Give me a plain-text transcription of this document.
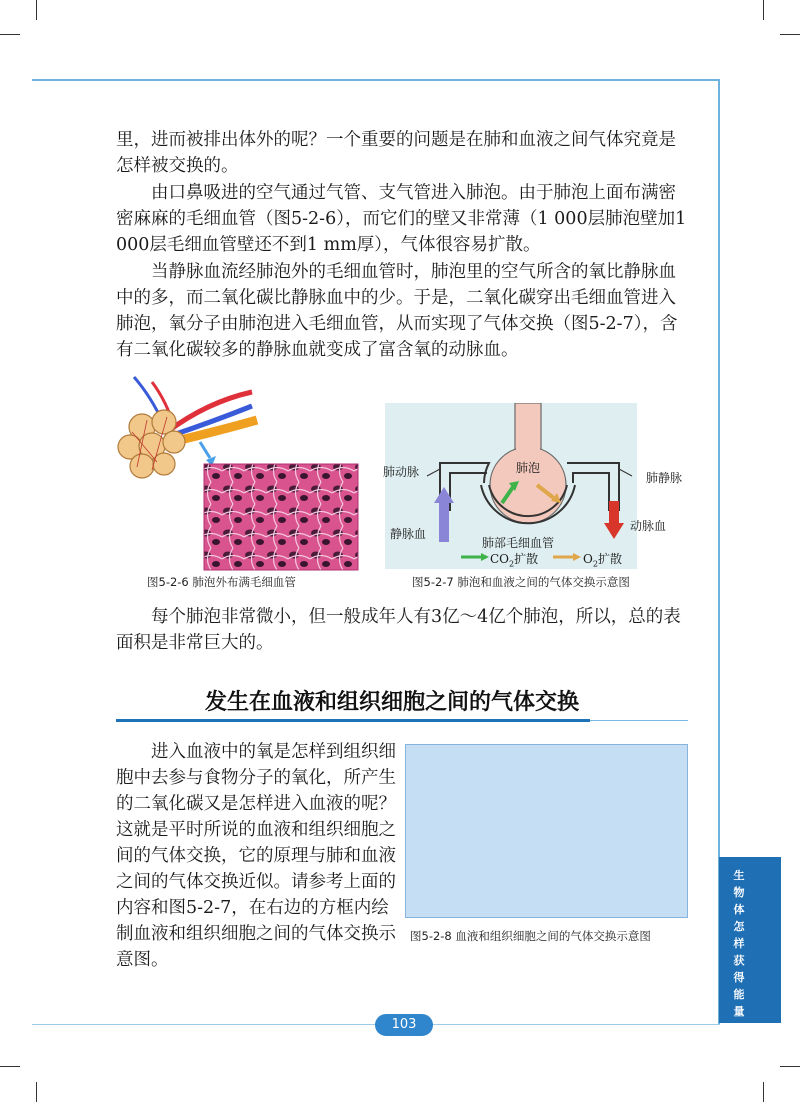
里，进而被排出体外的呢？一个重要的问题是在肺和血液之间气体究竟是怎样被交换的。

由口鼻吸进的空气通过气管、支气管进入肺泡。由于肺泡上面布满密密麻麻的毛细血管（图5-2-6），而它们的壁又非常薄（1 000层肺泡壁加1 000层毛细血管壁还不到1 mm厚），气体很容易扩散。

当静脉血流经肺泡外的毛细血管时，肺泡里的空气所含的氧比静脉血中的多，而二氧化碳比静脉血中的少。于是，二氧化碳穿出毛细血管进入肺泡，氧分子由肺泡进入毛细血管，从而实现了气体交换（图5-2-7），含有二氧化碳较多的静脉血就变成了富含氧的动脉血。

图5-2-6 肺泡外布满毛细血管
肺泡
肺动脉	肺静脉
静脉血
动脉血
肺部毛细血管
$CO_2$扩散	$O_2$扩散
图5-2-7 肺泡和血液之间的气体交换示意图

每个肺泡非常微小，但一般成年人有3亿～4亿个肺泡，所以，总的表面积是非常巨大的。

发生在血液和组织细胞之间的气体交换

进入血液中的氧是怎样到组织细胞中去参与食物分子的氧化，所产生的二氧化碳又是怎样进入血液的呢？这就是平时所说的血液和组织细胞之间的气体交换，它的原理与肺和血液之间的气体交换近似。请参考上面的内容和图5-2-7，在右边的方框内绘制血液和组织细胞之间的气体交换示意图。

图5-2-8 血液和组织细胞之间的气体交换示意图
生
物
体
怎
样
获
得
能
量
103
